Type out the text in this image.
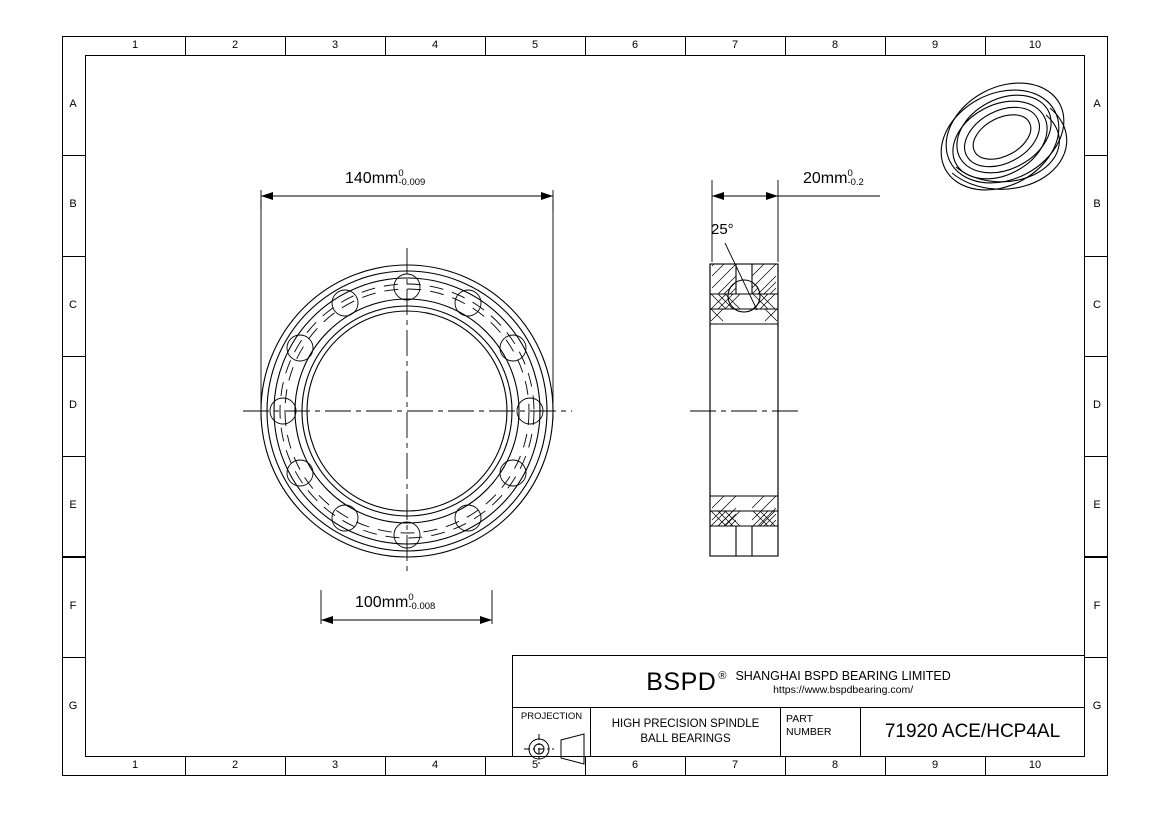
1
1
2
2
3
3
4
4
5
5
6
6
7
7
8
8
9
9
10
10
A	A
B	B
C	C
D	D
E	E
F	F
G	G
140mm 0
-0.009
100mm 0
-0.008
20mm 0
-0.2
25°
BSPD ® SHANGHAI BSPD BEARING LIMITED
https://www.bspdbearing.com/
PROJECTION
HIGH PRECISION SPINDLE
BALL BEARINGS
PART
NUMBER	71920 ACE/HCP4AL
